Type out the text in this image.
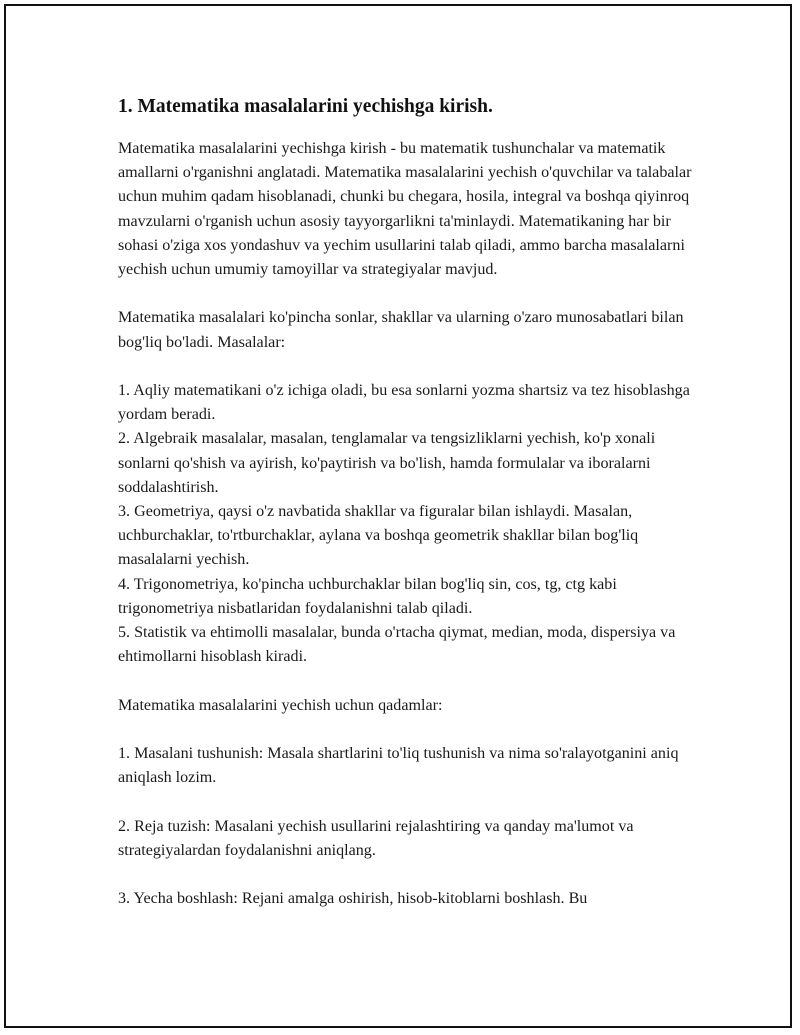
1. Matematika masalalarini yechishga kirish.

Matematika masalalarini yechishga kirish - bu matematik tushunchalar va matematik amallarni o'rganishni anglatadi. Matematika masalalarini yechish o'quvchilar va talabalar uchun muhim qadam hisoblanadi, chunki bu chegara, hosila, integral va boshqa qiyinroq mavzularni o'rganish uchun asosiy tayyorgarlikni ta'minlaydi. Matematikaning har bir sohasi o'ziga xos yondashuv va yechim usullarini talab qiladi, ammo barcha masalalarni yechish uchun umumiy tamoyillar va strategiyalar mavjud.

Matematika masalalari ko'pincha sonlar, shakllar va ularning o'zaro munosabatlari bilan bog'liq bo'ladi. Masalalar:

1. Aqliy matematikani o'z ichiga oladi, bu esa sonlarni yozma shartsiz va tez hisoblashga yordam beradi.

2. Algebraik masalalar, masalan, tenglamalar va tengsizliklarni yechish, ko'p xonali sonlarni qo'shish va ayirish, ko'paytirish va bo'lish, hamda formulalar va iboralarni soddalashtirish.

3. Geometriya, qaysi o'z navbatida shakllar va figuralar bilan ishlaydi. Masalan, uchburchaklar, to'rtburchaklar, aylana va boshqa geometrik shakllar bilan bog'liq masalalarni yechish.

4. Trigonometriya, ko'pincha uchburchaklar bilan bog'liq sin, cos, tg, ctg kabi trigonometriya nisbatlaridan foydalanishni talab qiladi.

5. Statistik va ehtimolli masalalar, bunda o'rtacha qiymat, median, moda, dispersiya va ehtimollarni hisoblash kiradi.

Matematika masalalarini yechish uchun qadamlar:

1. Masalani tushunish: Masala shartlarini to'liq tushunish va nima so'ralayotganini aniq aniqlash lozim.

2. Reja tuzish: Masalani yechish usullarini rejalashtiring va qanday ma'lumot va strategiyalardan foydalanishni aniqlang.

3. Yecha boshlash: Rejani amalga oshirish, hisob-kitoblarni boshlash. Bu
